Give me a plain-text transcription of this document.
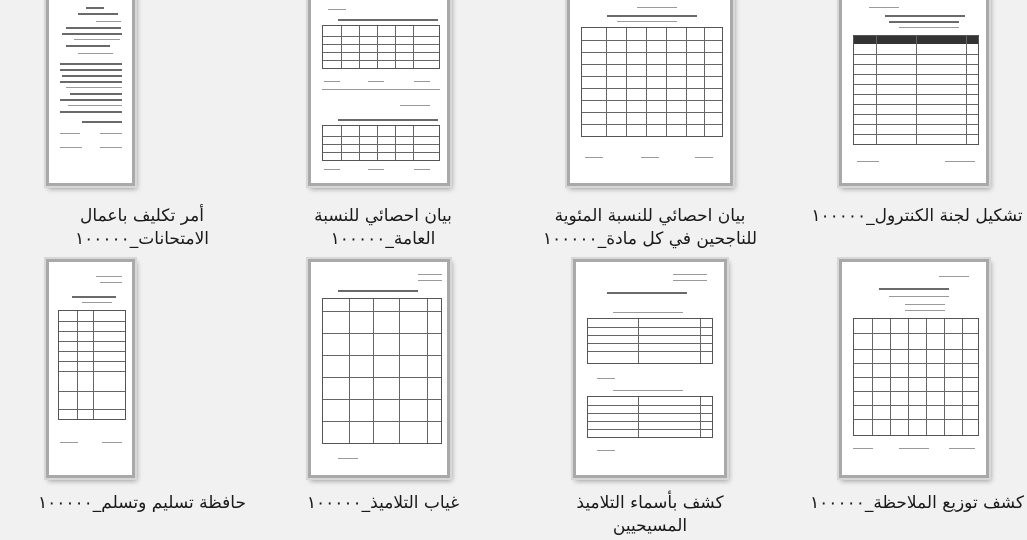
أمر تكليف باعمال
الامتحانات_١٠٠٠٠٠
بيان احصائي للنسبة
العامة_١٠٠٠٠٠
بيان احصائي للنسبة المئوية
للناجحين في كل مادة_١٠٠٠٠٠
تشكيل لجنة الكنترول_١٠٠٠٠٠
حافظة تسليم وتسلم_١٠٠٠٠٠	غياب التلاميذ_١٠٠٠٠٠	كشف بأسماء التلاميذ
المسيحيين
كشف توزيع الملاحظة_١٠٠٠٠٠
